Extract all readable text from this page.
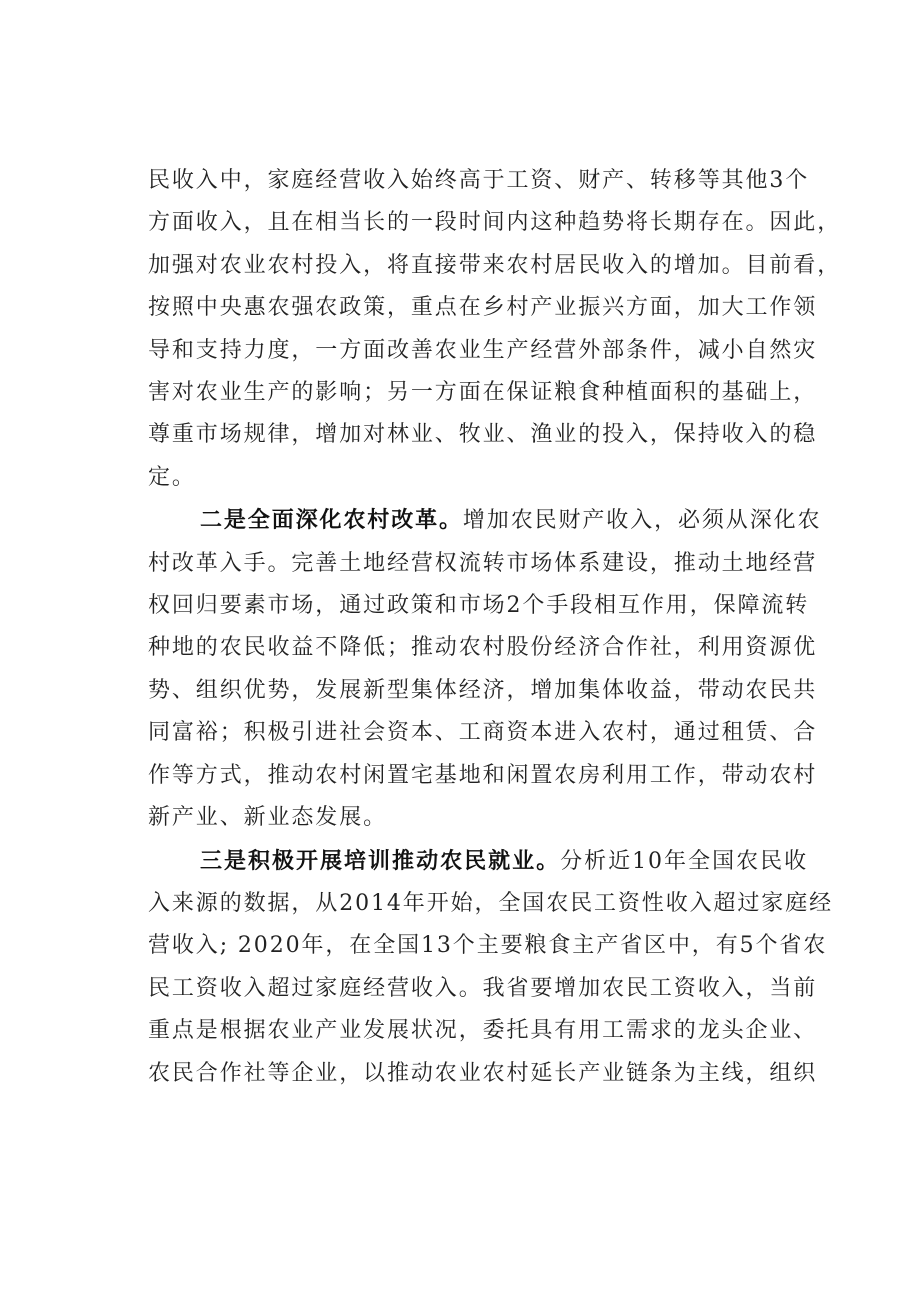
民收入中，家庭经营收入始终高于工资、财产、转移等其他3个
方面收入，且在相当长的一段时间内这种趋势将长期存在。因此，
加强对农业农村投入，将直接带来农村居民收入的增加。目前看，
按照中央惠农强农政策，重点在乡村产业振兴方面，加大工作领
导和支持力度，一方面改善农业生产经营外部条件，减小自然灾
害对农业生产的影响；另一方面在保证粮食种植面积的基础上，
尊重市场规律，增加对林业、牧业、渔业的投入，保持收入的稳
定。
二是全面深化农村改革。增加农民财产收入，必须从深化农
村改革入手。完善土地经营权流转市场体系建设，推动土地经营
权回归要素市场，通过政策和市场2个手段相互作用，保障流转
种地的农民收益不降低；推动农村股份经济合作社，利用资源优
势、组织优势，发展新型集体经济，增加集体收益，带动农民共
同富裕；积极引进社会资本、工商资本进入农村，通过租赁、合
作等方式，推动农村闲置宅基地和闲置农房利用工作，带动农村
新产业、新业态发展。
三是积极开展培训推动农民就业。分析近10年全国农民收
入来源的数据，从2014年开始，全国农民工资性收入超过家庭经
营收入; 2020年，在全国13个主要粮食主产省区中，有5个省农
民工资收入超过家庭经营收入。我省要增加农民工资收入，当前
重点是根据农业产业发展状况，委托具有用工需求的龙头企业、
农民合作社等企业，以推动农业农村延长产业链条为主线，组织
